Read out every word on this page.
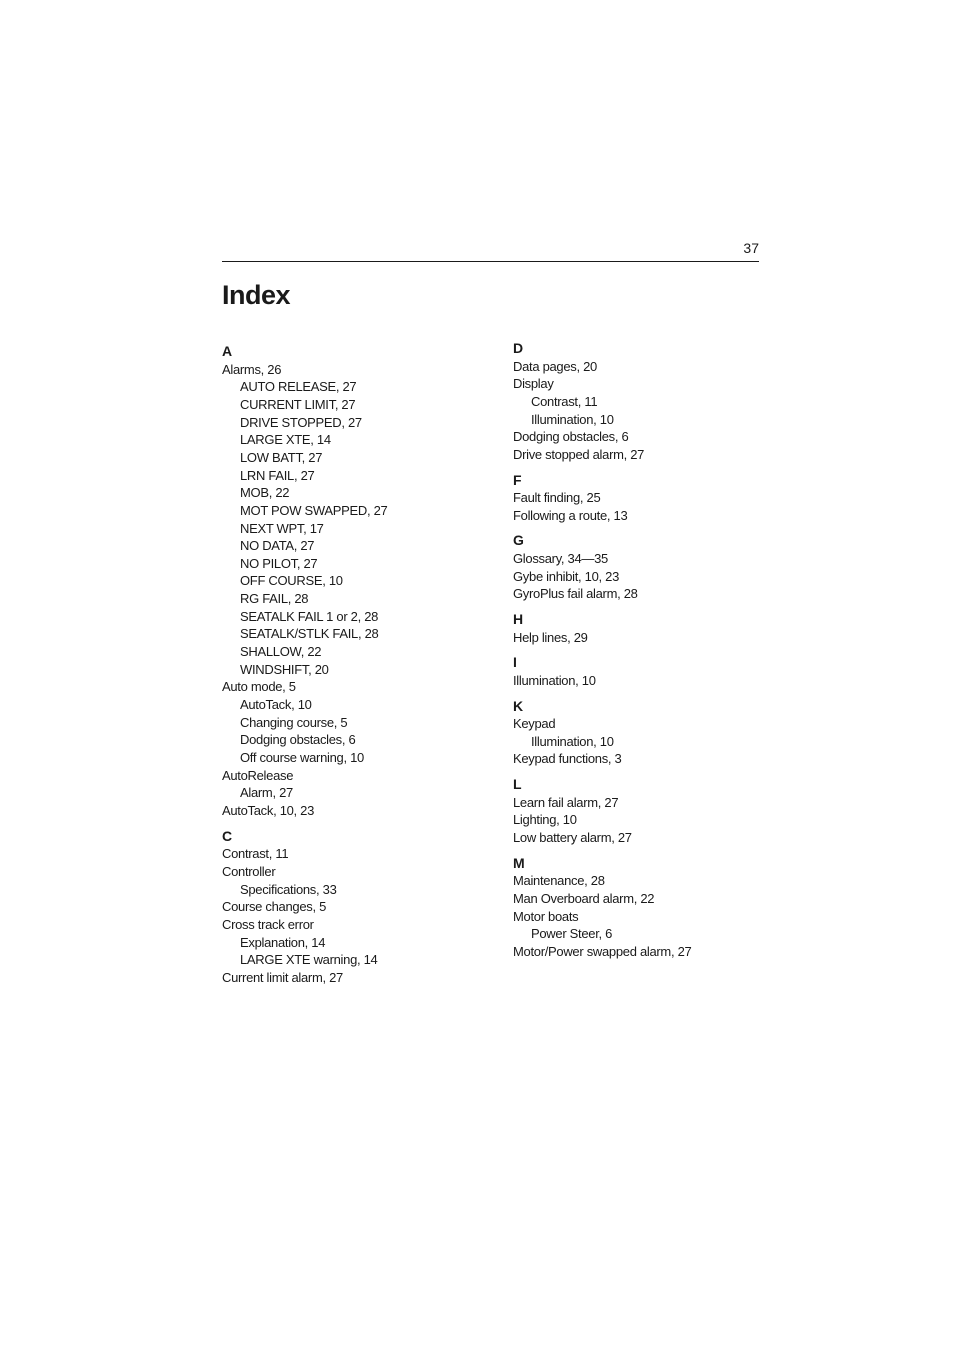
37
Index
A
Alarms, 26
AUTO RELEASE, 27
CURRENT LIMIT, 27
DRIVE STOPPED, 27
LARGE XTE, 14
LOW BATT, 27
LRN FAIL, 27
MOB, 22
MOT POW SWAPPED, 27
NEXT WPT, 17
NO DATA, 27
NO PILOT, 27
OFF COURSE, 10
RG FAIL, 28
SEATALK FAIL 1 or 2, 28
SEATALK/STLK FAIL, 28
SHALLOW, 22
WINDSHIFT, 20
Auto mode, 5
AutoTack, 10
Changing course, 5
Dodging obstacles, 6
Off course warning, 10
AutoRelease
Alarm, 27
AutoTack, 10, 23
C
Contrast, 11
Controller
Specifications, 33
Course changes, 5
Cross track error
Explanation, 14
LARGE XTE warning, 14
Current limit alarm, 27
D
Data pages, 20
Display
Contrast, 11
Illumination, 10
Dodging obstacles, 6
Drive stopped alarm, 27
F
Fault finding, 25
Following a route, 13
G
Glossary, 34—35
Gybe inhibit, 10, 23
GyroPlus fail alarm, 28
H
Help lines, 29
I
Illumination, 10
K
Keypad
Illumination, 10
Keypad functions, 3
L
Learn fail alarm, 27
Lighting, 10
Low battery alarm, 27
M
Maintenance, 28
Man Overboard alarm, 22
Motor boats
Power Steer, 6
Motor/Power swapped alarm, 27
